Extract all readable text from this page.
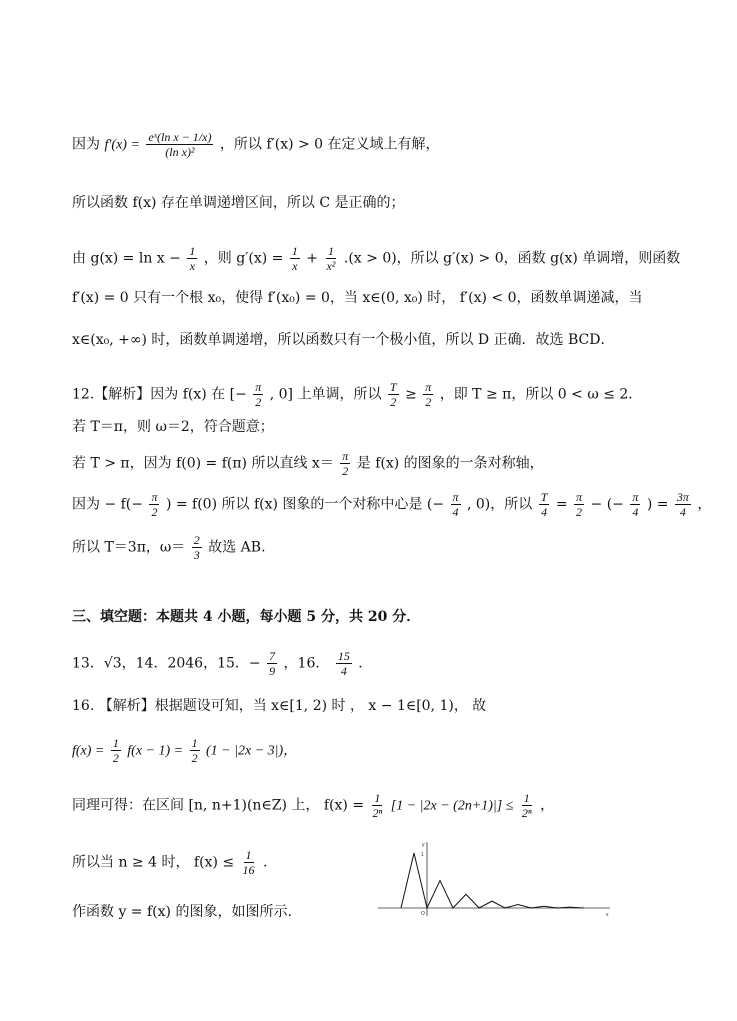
因为 $f'(x) = \frac{\text{eˣ(ln x − 1/x)}}{\text{(ln x)²}}$ ，所以 f′(x) > 0 在定义域上有解，
所以函数 f(x) 存在单调递增区间，所以 C 是正确的；
由 $g(x) = \ln x - \frac{1}{x}$ ，则 $g'(x) = \frac{1}{x} + \frac{1}{\text{x²}} .(x > 0)$，所以 g′(x) > 0，函数 g(x) 单调增，则函数
f′(x) = 0 只有一个根 x₀，使得 f′(x₀) = 0，当 x∈(0, x₀) 时， f′(x) < 0，函数单调递减，当
x∈(x₀, +∞) 时，函数单调递增，所以函数只有一个极小值，所以 D 正确．故选 BCD．
12.【解析】因为 f(x) 在 [− $\frac{\pi}{2}$ , 0] 上单调，所以 $\frac{T}{2} \ge \frac{\pi}{2}$ ，即 T ≥ π，所以 0 < ω ≤ 2．
若 T＝π，则 ω＝2，符合题意；
若 T > π，因为 f(0) = f(π) 所以直线 $x= \frac{\pi}{2}$ 是 f(x) 的图象的一条对称轴，
因为 − $f(- \frac{\pi}{2}$ ) = f(0) 所以 f(x) 图象的一个对称中心是 (− $\frac{\pi}{4}$ , 0)，所以 $\frac{T}{4} = \frac{\pi}{2}$ − (− $\frac{\pi}{4}$ ) = $\frac{3\pi}{4}$ ，
所以 T＝3π，$\omega= \frac{2}{3}$ 故选 AB.
三、填空题：本题共 4 小题，每小题 5 分，共 20 分．
13．√3，14．2046，15．− $\frac{7}{9}$ ，16． $\frac{15}{4}$ ．
16. 【解析】根据题设可知，当 x∈[1, 2) 时 ， x − 1∈[0, 1)， 故
$f(x) = \frac{1}{2} f(x - 1) = \frac{1}{2} (1 - |2x - 3|)$，
同理可得：在区间 [n, n+1)(n∈Z) 上， $f(x) = \frac{1}{\text{2ⁿ}} [1 - |2x - (2n+1)|] \le \frac{1}{\text{2ⁿ}}$ ，
所以当 n ≥ 4 时， $f(x) \le \frac{1}{16}$ .
作函数 y = f(x) 的图象，如图所示.	x
y
1
O
